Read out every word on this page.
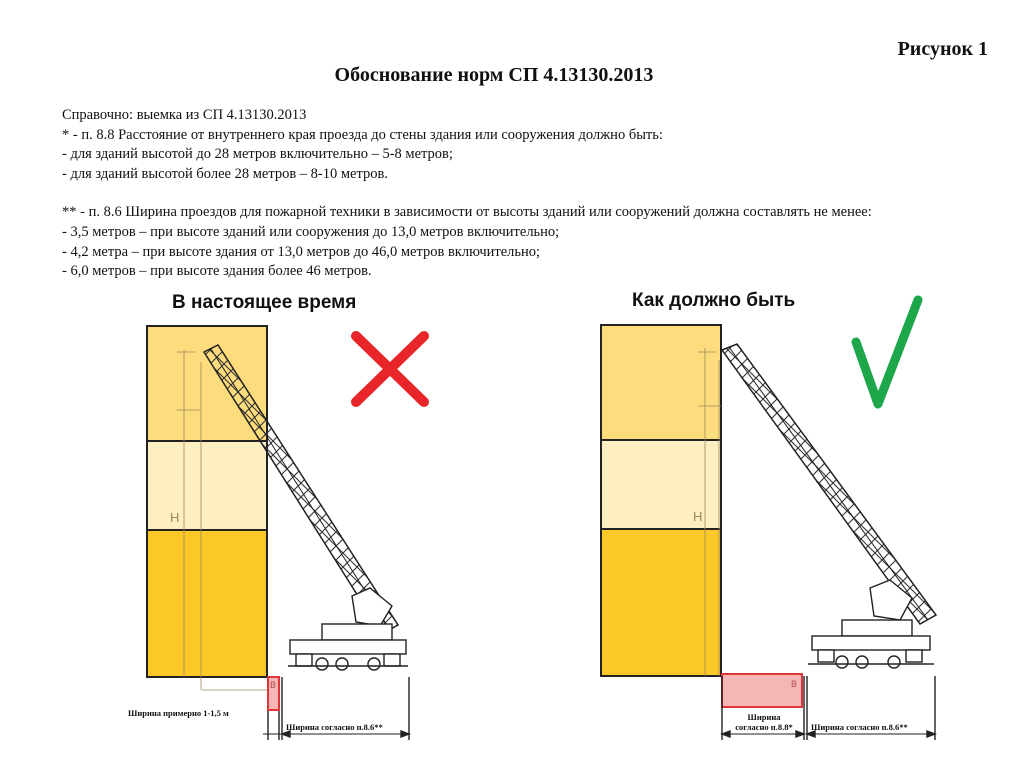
Рисунок 1
Обоснование норм СП 4.13130.2013
Справочно: выемка из СП 4.13130.2013
* - п. 8.8 Расстояние от внутреннего края проезда до стены здания или сооружения должно быть:
- для зданий высотой до 28 метров включительно – 5-8 метров;
- для зданий высотой более 28 метров – 8-10 метров.
** - п. 8.6 Ширина проездов для пожарной техники в зависимости от высоты зданий или сооружений должна составлять не менее:
- 3,5 метров – при высоте зданий или сооружения до 13,0 метров включительно;
- 4,2 метра – при высоте здания от 13,0 метров до 46,0 метров включительно;
- 6,0 метров – при высоте здания более 46 метров.
В настоящее время	Как должно быть
H
B
H
B
Ширина примерно 1-1,5 м
Ширина согласно п.8.6**
Ширина
согласно п.8.8*	Ширина согласно п.8.6**
